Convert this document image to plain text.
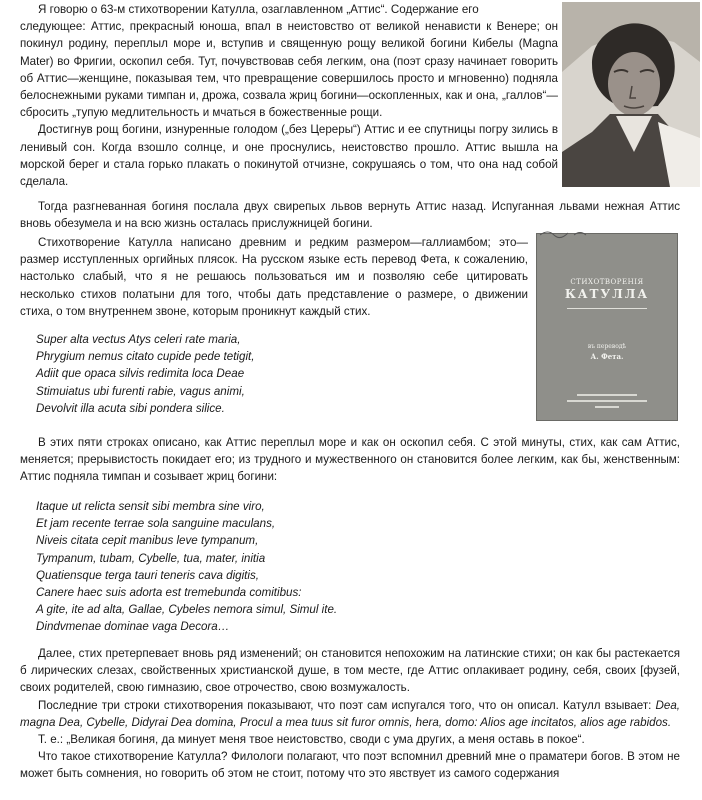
СТИХОТВОРЕНІЯ
КАТУЛЛА
въ переводѣ
А. Фета.

Я говорю о 63-м стихотворении Катулла, озаглавленном „Аттис“. Содержание его

следующее: Аттис, прекрасный юноша, впал в неистовство от великой ненависти к Венере; он покинул родину, переплыл море и, вступив и священную рощу великой богини Кибелы (Magna Mater) во Фригии, оскопил себя. Тут, почувствовав себя легким, она (поэт сразу начинает говорить об Аттис—женщине, показывая тем, что превращение совершилось просто и мгновенно) подняла белоснежными руками тимпан и, дрожа, созвала жриц богини—оскопленных, как и она, „галлов“—сбросить „тупую медлительность и мчаться в божественные рощи.

Достигнув рощ богини, изнуренные голодом („без Цереры“) Аттис и ее спутницы погру зились в ленивый сон. Когда взошло солнце, и оне проснулись, неистовство прошло. Аттис вышла на морской берег и стала горько плакать о покинутой отчизне, сокрушаясь о том, что она над собой сделала.

Тогда разгневанная богиня послала двух свирепых львов вернуть Аттис назад. Испуганная львами нежная Аттис вновь обезумела и на всю жизнь осталась прислужницей богини.

Стихотворение Катулла написано древним и редким размером—галлиамбом; это— размер исступленных оргийных плясок. На русском языке есть перевод Фета, к сожалению, настолько слабый, что я не решаюсь пользоваться им и позволяю себе цитировать несколько стихов полатыни для того, чтобы дать представление о размере, о движении стиха, о том внутреннем звоне, которым проникнут каждый стих.

Super alta vectus Atys celeri rate maria,
Phrygium nemus citato cupide pede tetigit,
Adiit que opaca silvis redimita loca Deae
Stimuiatus ubi furenti rabie, vagus animi,
Devolvit illa acuta sibi pondera silice.

В этих пяти строках описано, как Аттис переплыл море и как он оскопил себя. С этой минуты, стих, как сам Аттис, меняется; прерывистость покидает его; из трудного и мужественного он становится более легким, как бы, женственным: Аттис подняла тимпан и созывает жриц богини:

Itaque ut relicta sensit sibi membra sine viro,
Et jam recente terrae sola sanguine maculans,
Niveis citata cepit manibus leve tympanum,
Tympanum, tubam, Cybelle, tua, mater, initia
Quatiensque terga tauri teneris cava digitis,
Canere haec suis adorta est tremebunda comitibus:
A gite, ite ad alta, Gallae, Cybeles nemora simul, Simul ite.
Dindvmenae dominae vaga Decora…

Далее, стих претерпевает вновь ряд изменений; он становится непохожим на латинские стихи; он как бы растекается б лирических слезах, свойственных христианской душе, в том месте, где Аттис оплакивает родину, себя, своих [фузей, своих родителей, свою гимназию, свое отрочество, свою возмужалость.

Последние три строки стихотворения показывают, что поэт сам испугался того, что он описал. Катулл взывает: Dea, magna Dea, Cybelle, Didyrai Dea domina, Procul a mea tuus sit furor omnis, hera, domo: Alios age incitatos, alios age rabidos.

Т. е.: „Великая богиня, да минует меня твое неистовство, своди с ума других, а меня оставь в покое“.

Что такое стихотворение Катулла? Филологи полагают, что поэт вспомнил древний мне о праматери богов. В этом не может быть сомнения, но говорить об этом не стоит, потому что это явствует из самого содержания
